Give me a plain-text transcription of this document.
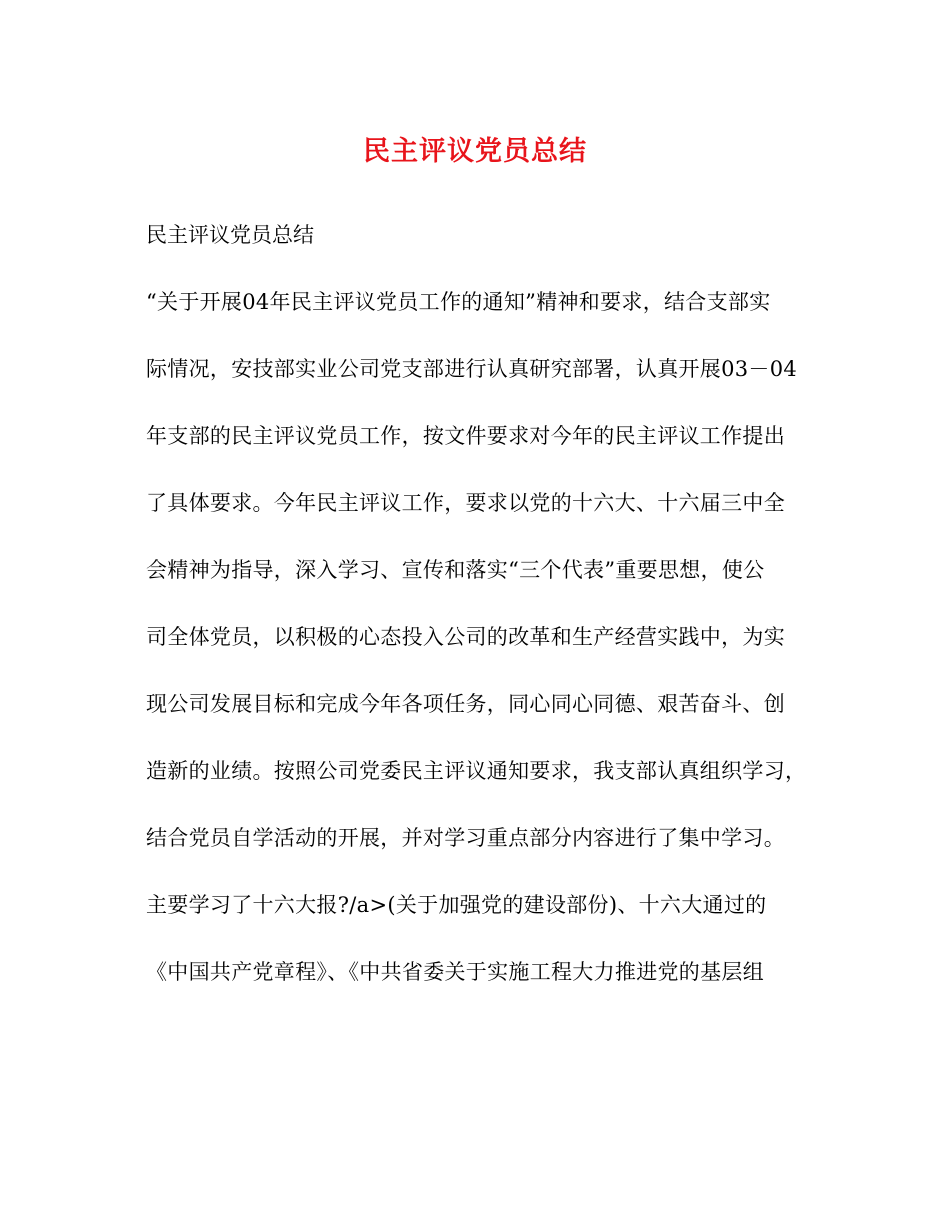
民主评议党员总结
民主评议党员总结
“关于开展04年民主评议党员工作的通知”精神和要求，结合支部实
际情况，安技部实业公司党支部进行认真研究部署，认真开展03－04
年支部的民主评议党员工作，按文件要求对今年的民主评议工作提出
了具体要求。今年民主评议工作，要求以党的十六大、十六届三中全
会精神为指导，深入学习、宣传和落实“三个代表”重要思想，使公
司全体党员，以积极的心态投入公司的改革和生产经营实践中，为实
现公司发展目标和完成今年各项任务，同心同心同德、艰苦奋斗、创
造新的业绩。按照公司党委民主评议通知要求，我支部认真组织学习，
结合党员自学活动的开展，并对学习重点部分内容进行了集中学习。
主要学习了十六大报?/a>(关于加强党的建设部份)、十六大通过的
《中国共产党章程》、《中共省委关于实施工程大力推进党的基层组
